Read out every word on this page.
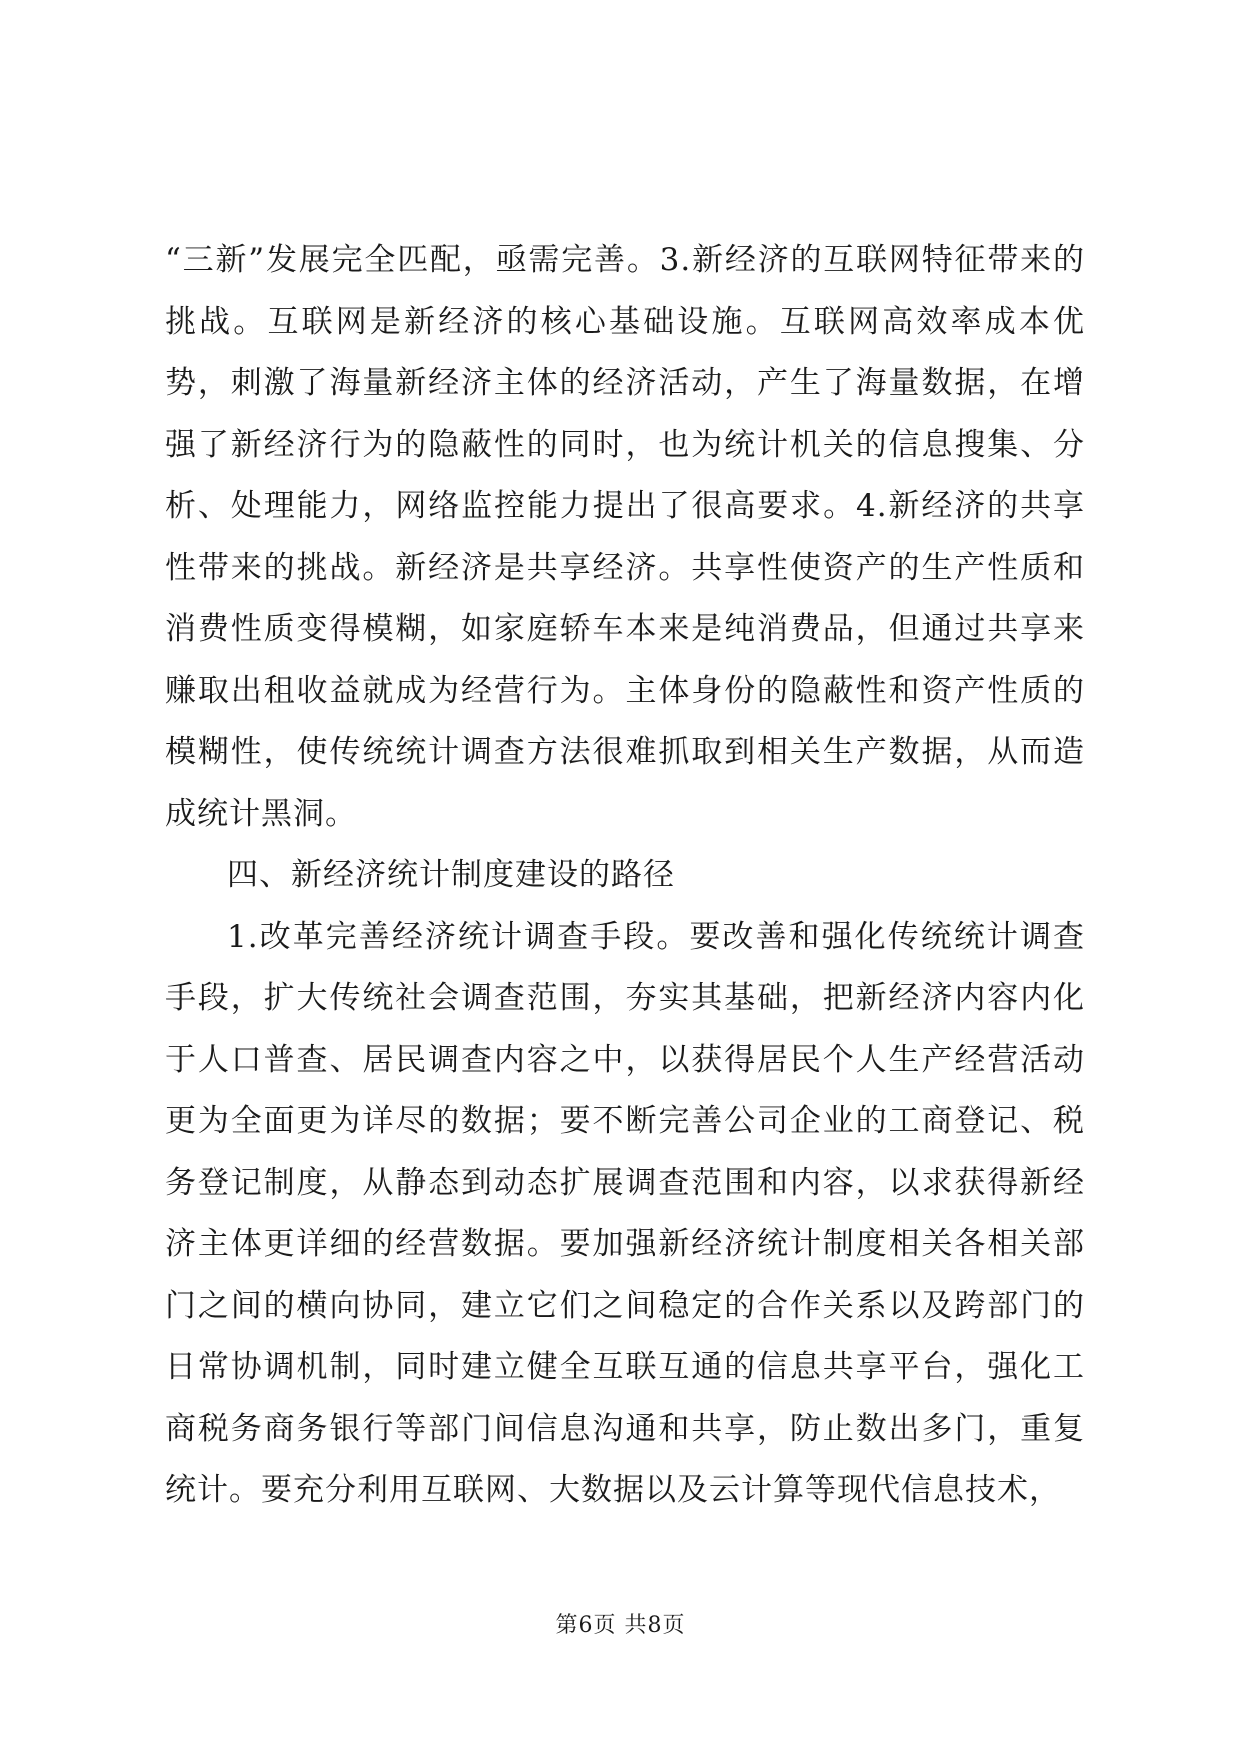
“三新”发展完全匹配，亟需完善。3.新经济的互联网特征带来的挑战。互联网是新经济的核心基础设施。互联网高效率成本优势，刺激了海量新经济主体的经济活动，产生了海量数据，在增强了新经济行为的隐蔽性的同时，也为统计机关的信息搜集、分析、处理能力，网络监控能力提出了很高要求。4.新经济的共享性带来的挑战。新经济是共享经济。共享性使资产的生产性质和消费性质变得模糊，如家庭轿车本来是纯消费品，但通过共享来赚取出租收益就成为经营行为。主体身份的隐蔽性和资产性质的模糊性，使传统统计调查方法很难抓取到相关生产数据，从而造成统计黑洞。

四、新经济统计制度建设的路径

1.改革完善经济统计调查手段。要改善和强化传统统计调查手段，扩大传统社会调查范围，夯实其基础，把新经济内容内化于人口普查、居民调查内容之中，以获得居民个人生产经营活动更为全面更为详尽的数据；要不断完善公司企业的工商登记、税务登记制度，从静态到动态扩展调查范围和内容，以求获得新经济主体更详细的经营数据。要加强新经济统计制度相关各相关部门之间的横向协同，建立它们之间稳定的合作关系以及跨部门的日常协调机制，同时建立健全互联互通的信息共享平台，强化工商税务商务银行等部门间信息沟通和共享，防止数出多门，重复统计。要充分利用互联网、大数据以及云计算等现代信息技术，

第6页 共8页
